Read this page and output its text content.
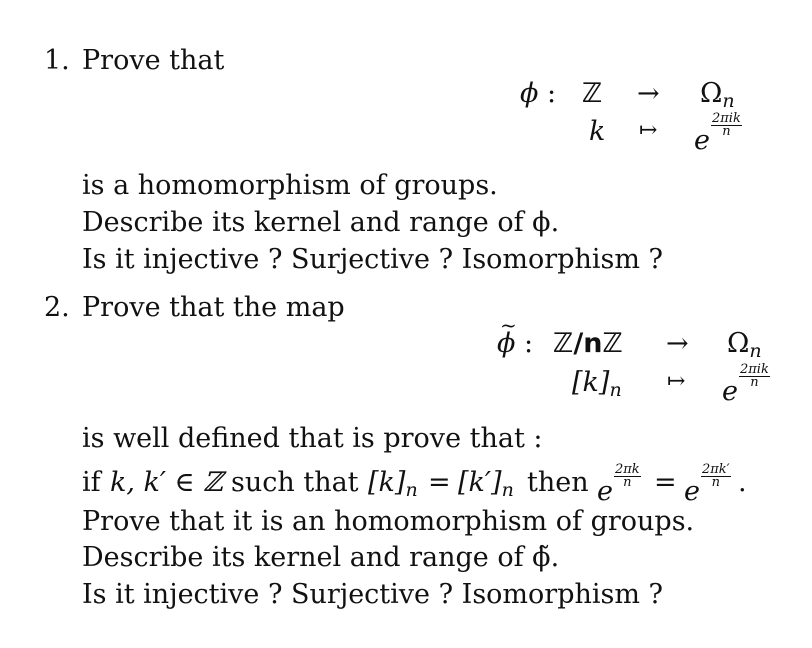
1. Prove that
ϕ : ℤ → $\Omega_n$
k ↦ e $\frac{\text{2πik}}{n}$
is a homomorphism of groups.
Describe its kernel and range of ϕ.
Is it injective ? Surjective ? Isomorphism ?
2. Prove that the map
~ ϕ : ℤ/nℤ → $\Omega_n$
$[k]_n$ ↦ e $\frac{\text{2πik}}{n}$
is well defined that is prove that :
if k, k′ ∈ ℤ such that $[k]_n = [k']_n$ then e $\frac{2\pi k}{n} = e \frac{2\pi k'}{n}$ .
Prove that it is an homomorphism of groups.
Describe its kernel and range of ϕ̃.
Is it injective ? Surjective ? Isomorphism ?
